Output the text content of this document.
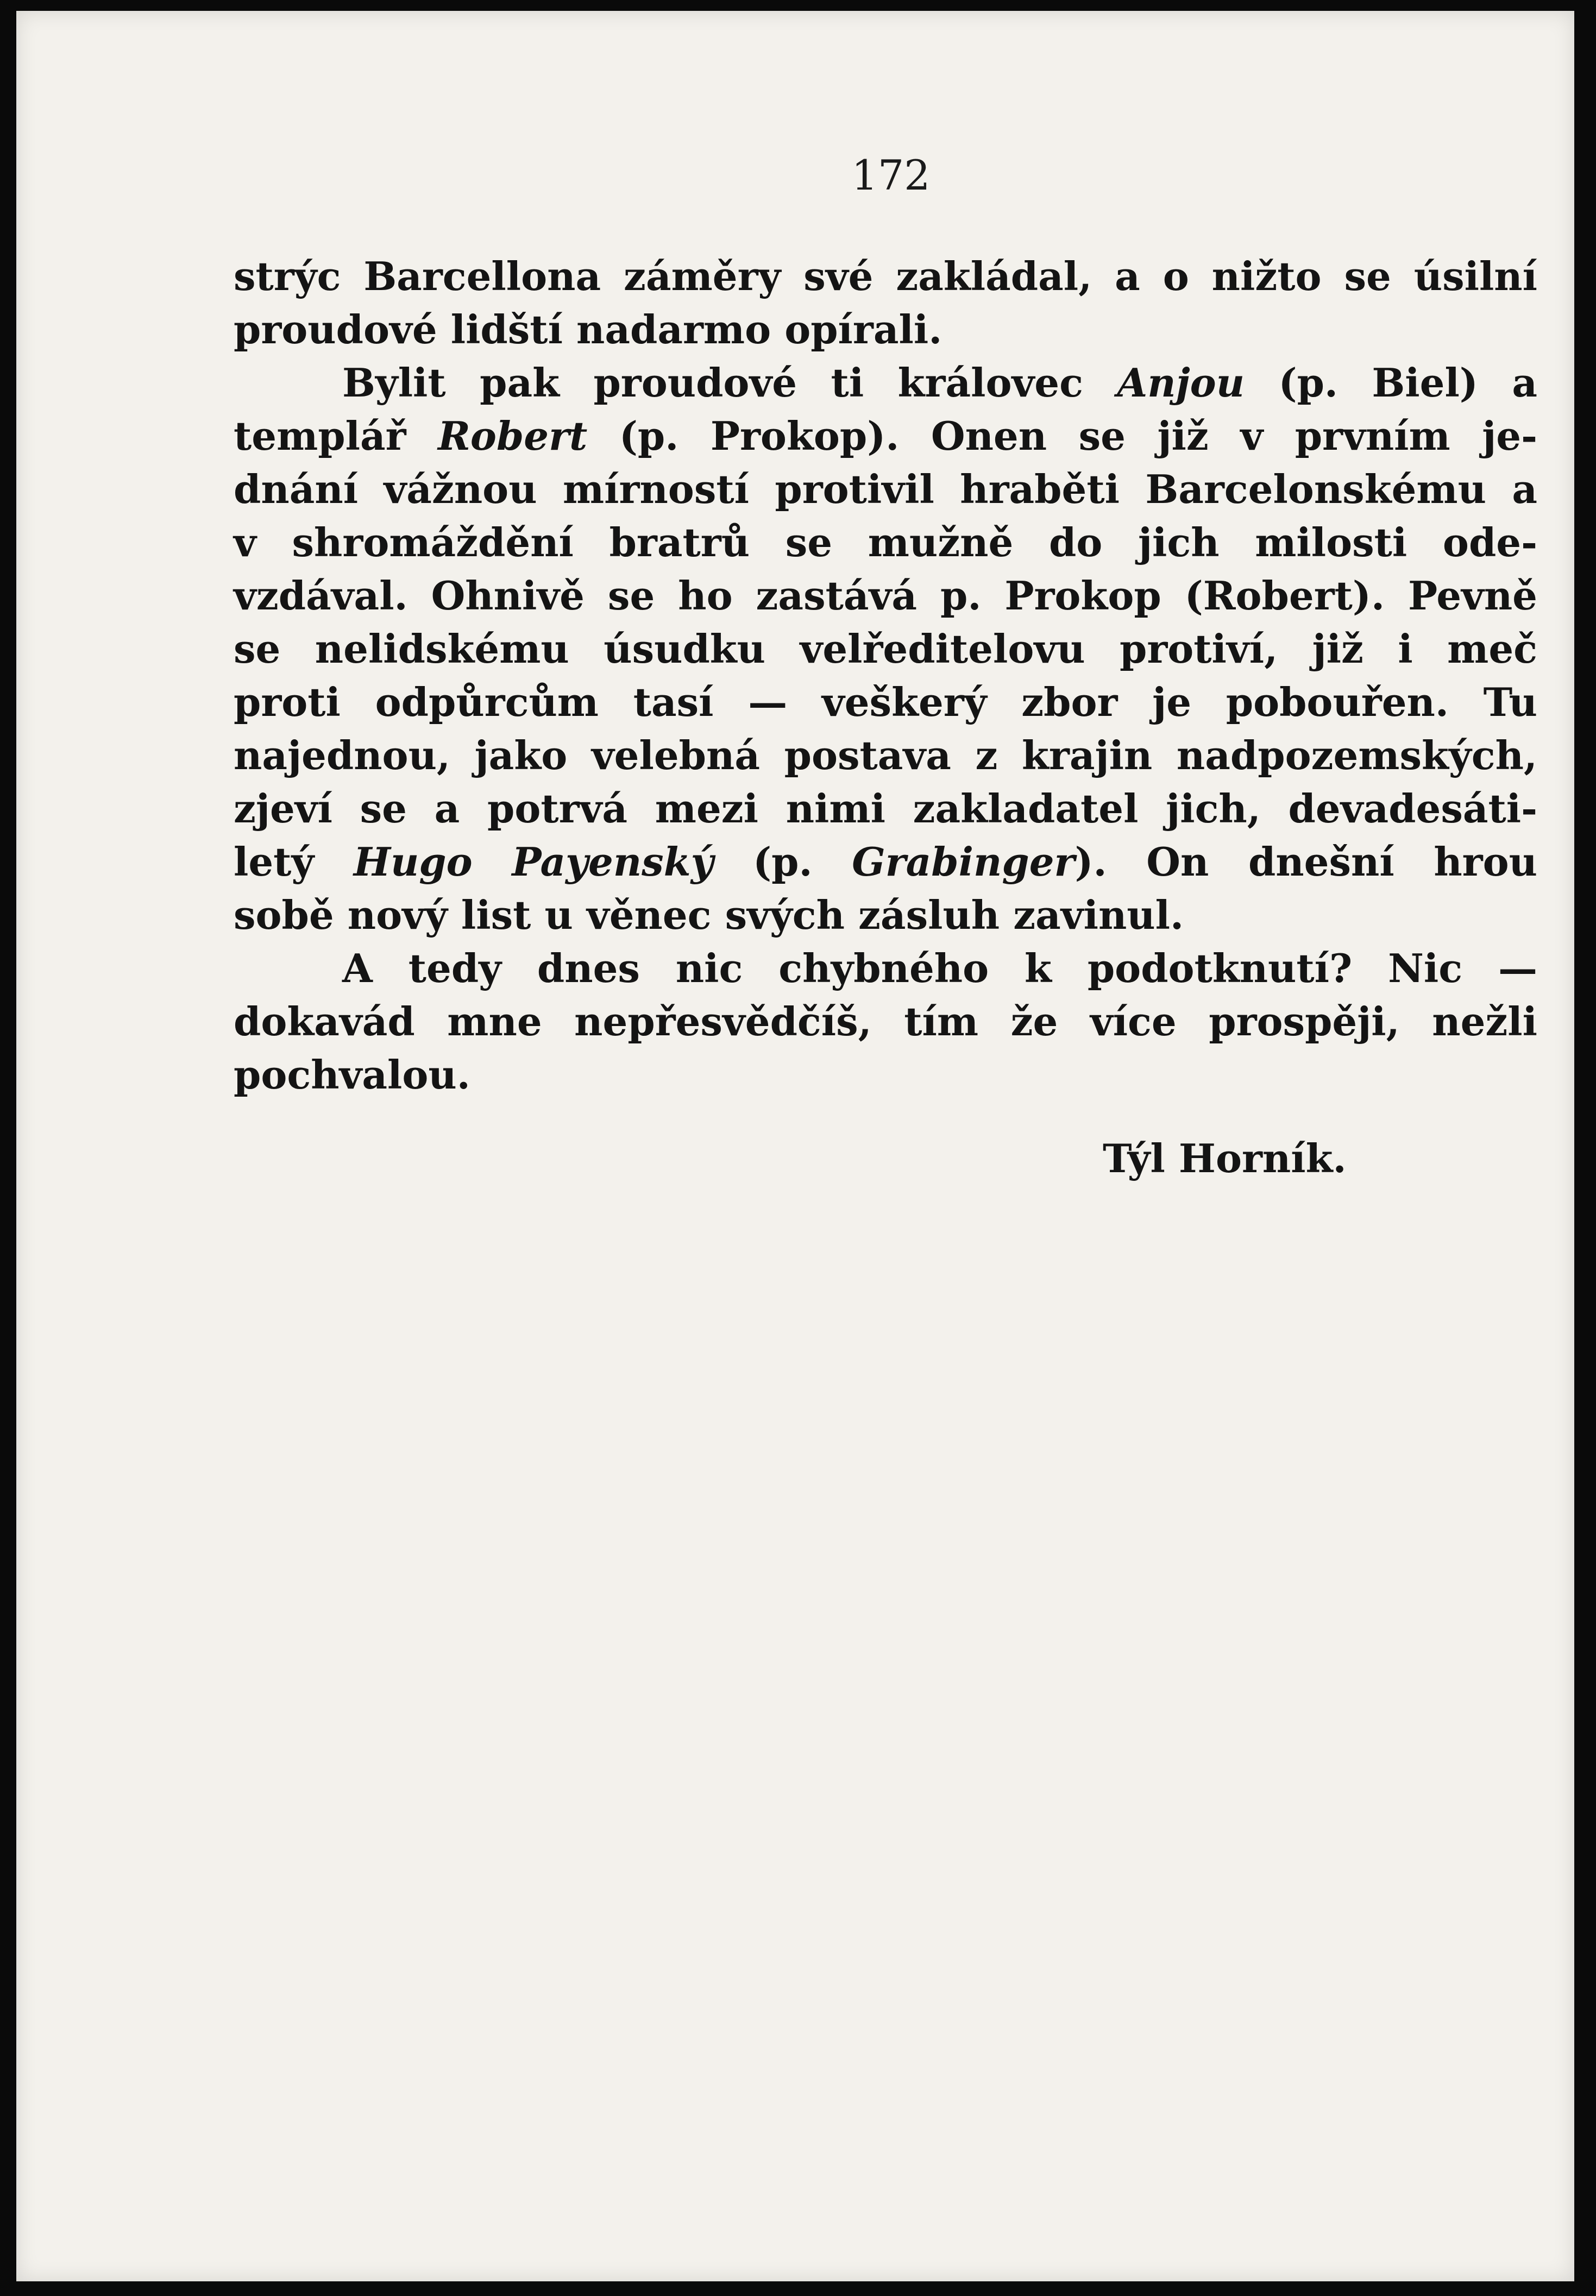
172
strýc Barcellona záměry své zakládal, a o nižto se úsilní
proudové lidští nadarmo opírali.
Bylit pak proudové ti královec Anjou (p. Biel) a
templář Robert (p. Prokop). Onen se již v prvním je-
dnání vážnou mírností protivil hraběti Barcelonskému a
v shromáždění bratrů se mužně do jich milosti ode-
vzdával. Ohnivě se ho zastává p. Prokop (Robert). Pevně
se nelidskému úsudku velředitelovu protiví, již i meč
proti odpůrcům tasí — veškerý zbor je pobouřen. Tu
najednou, jako velebná postava z krajin nadpozemských,
zjeví se a potrvá mezi nimi zakladatel jich, devadesáti-
letý Hugo Payenský (p. Grabinger). On dnešní hrou
sobě nový list u věnec svých zásluh zavinul.
A tedy dnes nic chybného k podotknutí? Nic —
dokavád mne nepřesvědčíš, tím že více prospěji, nežli
pochvalou.
Týl Horník.
